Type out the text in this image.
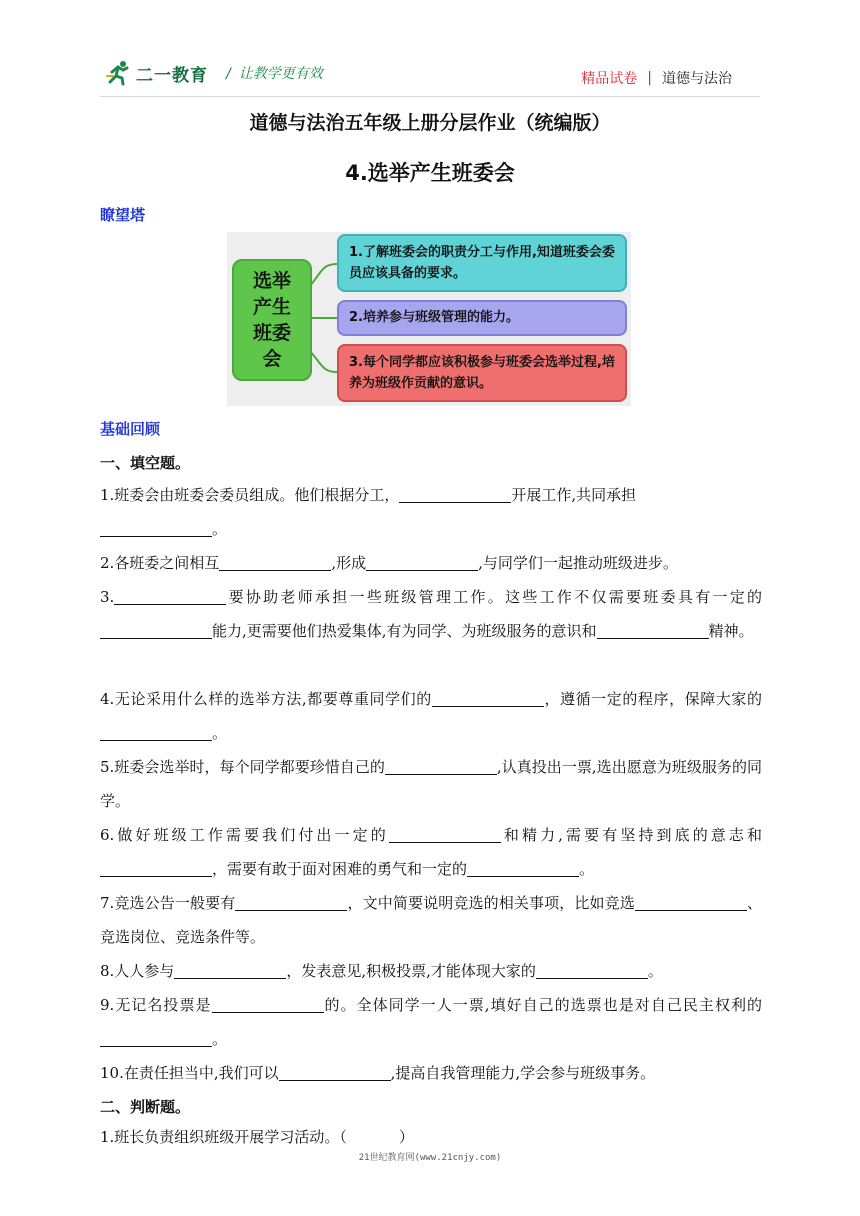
二一教育 / 让教学更有效	精品试卷 | 道德与法治
道德与法治五年级上册分层作业（统编版）
4.选举产生班委会
瞭望塔
选举
产生
班委
会
1.了解班委会的职责分工与作用,知道班委会委员应该具备的要求。
2.培养参与班级管理的能力。
3.每个同学都应该积极参与班委会选举过程,培养为班级作贡献的意识。
基础回顾
一、填空题。
1.班委会由班委会委员组成。他们根据分工，	开展工作,共同承担
。
2.各班委之间相互	,形成	,与同学们一起推动班级进步。
3.	要协助老师承担一些班级管理工作。这些工作不仅需要班委具有一定的能力,更需要他们热爱集体,有为同学、为班级服务的意识和	精神。
4.无论采用什么样的选举方法,都要尊重同学们的	，遵循一定的程序，保障大家的。
5.班委会选举时，每个同学都要珍惜自己的	,认真投出一票,选出愿意为班级服务的同学。
6.做好班级工作需要我们付出一定的	和精力,需要有坚持到底的意志和，需要有敢于面对困难的勇气和一定的	。
7.竞选公告一般要有	，文中简要说明竞选的相关事项，比如竞选	、竞选岗位、竞选条件等。
8.人人参与	，发表意见,积极投票,才能体现大家的	。
9.无记名投票是	的。全体同学一人一票,填好自己的选票也是对自己民主权利的。
10.在责任担当中,我们可以	,提高自我管理能力,学会参与班级事务。
二、判断题。
1.班长负责组织班级开展学习活动。（	）
21世纪教育网(www.21cnjy.com)
